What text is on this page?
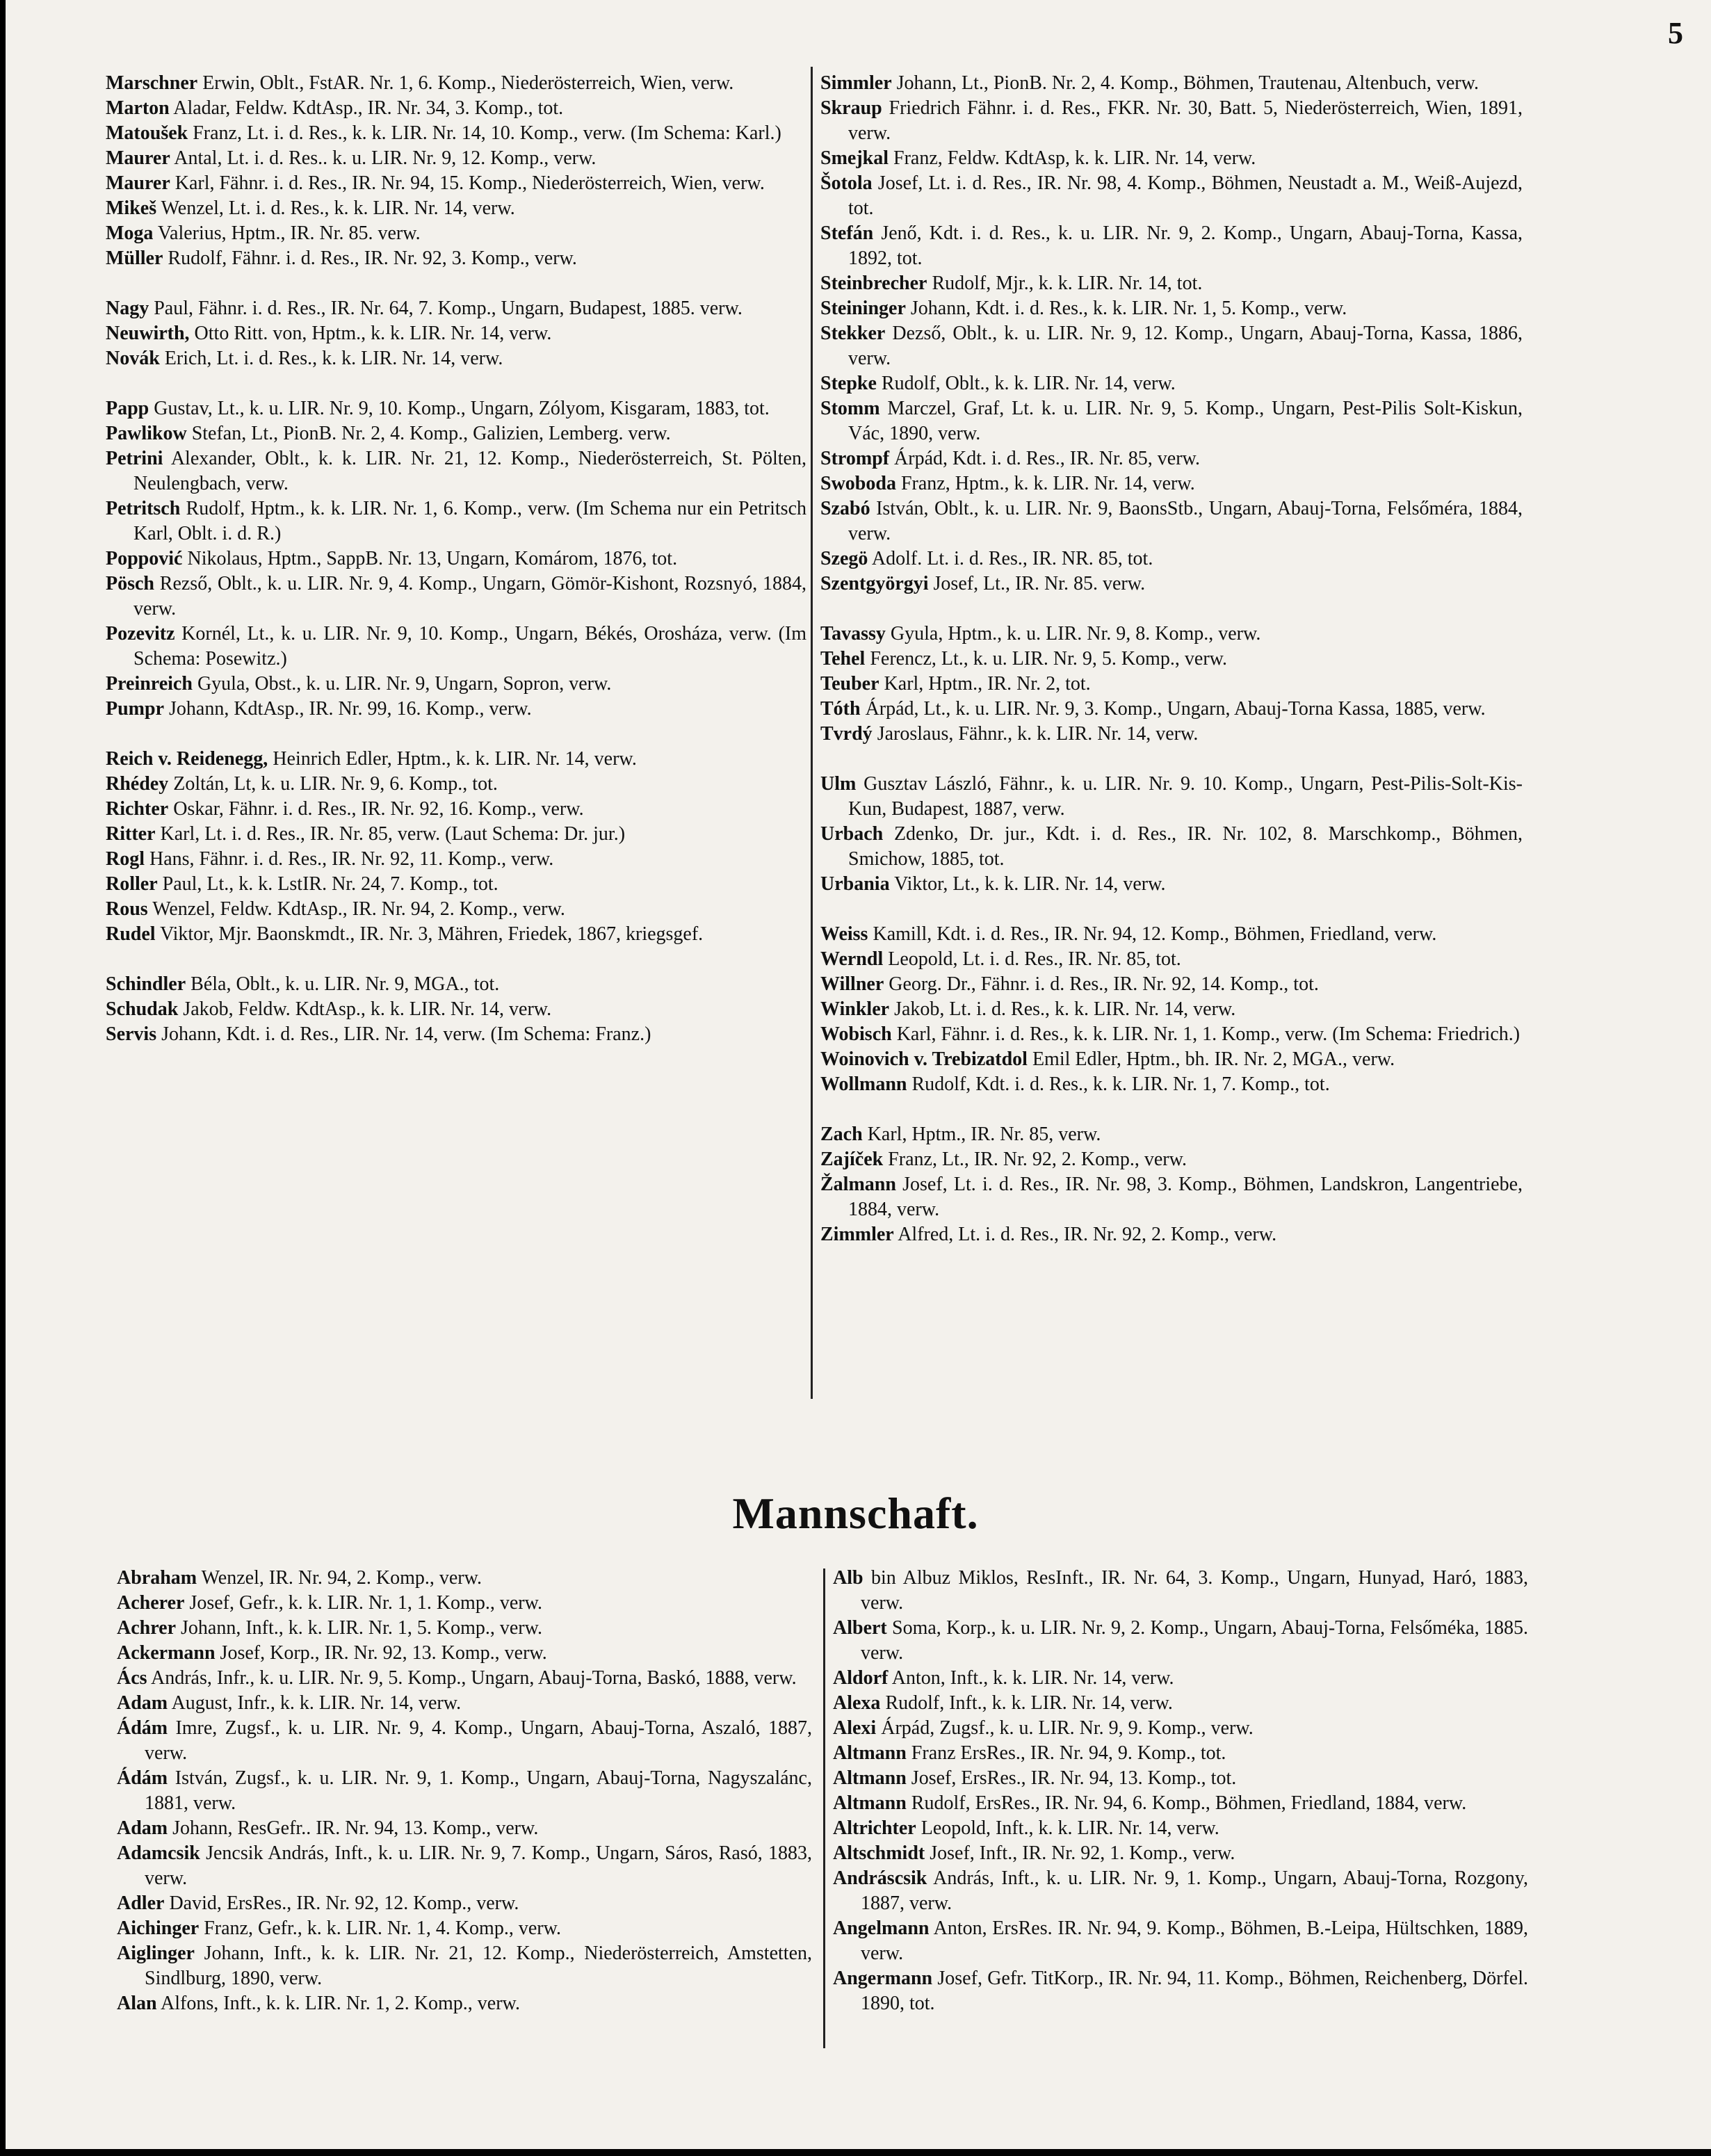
5

Marschner Erwin, Oblt., FstAR. Nr. 1, 6. Komp., Niederösterreich, Wien, verw.

Marton Aladar, Feldw. KdtAsp., IR. Nr. 34, 3. Komp., tot.

Matoušek Franz, Lt. i. d. Res., k. k. LIR. Nr. 14, 10. Komp., verw. (Im Schema: Karl.)

Maurer Antal, Lt. i. d. Res.. k. u. LIR. Nr. 9, 12. Komp., verw.

Maurer Karl, Fähnr. i. d. Res., IR. Nr. 94, 15. Komp., Niederösterreich, Wien, verw.

Mikeš Wenzel, Lt. i. d. Res., k. k. LIR. Nr. 14, verw.

Moga Valerius, Hptm., IR. Nr. 85. verw.

Müller Rudolf, Fähnr. i. d. Res., IR. Nr. 92, 3. Komp., verw.

Nagy Paul, Fähnr. i. d. Res., IR. Nr. 64, 7. Komp., Ungarn, Budapest, 1885. verw.

Neuwirth, Otto Ritt. von, Hptm., k. k. LIR. Nr. 14, verw.

Novák Erich, Lt. i. d. Res., k. k. LIR. Nr. 14, verw.

Papp Gustav, Lt., k. u. LIR. Nr. 9, 10. Komp., Ungarn, Zólyom, Kisgaram, 1883, tot.

Pawlikow Stefan, Lt., PionB. Nr. 2, 4. Komp., Galizien, Lemberg. verw.

Petrini Alexander, Oblt., k. k. LIR. Nr. 21, 12. Komp., Niederösterreich, St. Pölten, Neulengbach, verw.

Petritsch Rudolf, Hptm., k. k. LIR. Nr. 1, 6. Komp., verw. (Im Schema nur ein Petritsch Karl, Oblt. i. d. R.)

Poppović Nikolaus, Hptm., SappB. Nr. 13, Ungarn, Komárom, 1876, tot.

Pösch Rezső, Oblt., k. u. LIR. Nr. 9, 4. Komp., Ungarn, Gömör-Kishont, Rozsnyó, 1884, verw.

Pozevitz Kornél, Lt., k. u. LIR. Nr. 9, 10. Komp., Ungarn, Békés, Orosháza, verw. (Im Schema: Posewitz.)

Preinreich Gyula, Obst., k. u. LIR. Nr. 9, Ungarn, Sopron, verw.

Pumpr Johann, KdtAsp., IR. Nr. 99, 16. Komp., verw.

Reich v. Reidenegg, Heinrich Edler, Hptm., k. k. LIR. Nr. 14, verw.

Rhédey Zoltán, Lt, k. u. LIR. Nr. 9, 6. Komp., tot.

Richter Oskar, Fähnr. i. d. Res., IR. Nr. 92, 16. Komp., verw.

Ritter Karl, Lt. i. d. Res., IR. Nr. 85, verw. (Laut Schema: Dr. jur.)

Rogl Hans, Fähnr. i. d. Res., IR. Nr. 92, 11. Komp., verw.

Roller Paul, Lt., k. k. LstIR. Nr. 24, 7. Komp., tot.

Rous Wenzel, Feldw. KdtAsp., IR. Nr. 94, 2. Komp., verw.

Rudel Viktor, Mjr. Baonskmdt., IR. Nr. 3, Mähren, Friedek, 1867, kriegsgef.

Schindler Béla, Oblt., k. u. LIR. Nr. 9, MGA., tot.

Schudak Jakob, Feldw. KdtAsp., k. k. LIR. Nr. 14, verw.

Servis Johann, Kdt. i. d. Res., LIR. Nr. 14, verw. (Im Schema: Franz.)

Simmler Johann, Lt., PionB. Nr. 2, 4. Komp., Böhmen, Trautenau, Altenbuch, verw.

Skraup Friedrich Fähnr. i. d. Res., FKR. Nr. 30, Batt. 5, Niederösterreich, Wien, 1891, verw.

Smejkal Franz, Feldw. KdtAsp, k. k. LIR. Nr. 14, verw.

Šotola Josef, Lt. i. d. Res., IR. Nr. 98, 4. Komp., Böhmen, Neustadt a. M., Weiß-Aujezd, tot.

Stefán Jenő, Kdt. i. d. Res., k. u. LIR. Nr. 9, 2. Komp., Ungarn, Abauj-Torna, Kassa, 1892, tot.

Steinbrecher Rudolf, Mjr., k. k. LIR. Nr. 14, tot.

Steininger Johann, Kdt. i. d. Res., k. k. LIR. Nr. 1, 5. Komp., verw.

Stekker Dezső, Oblt., k. u. LIR. Nr. 9, 12. Komp., Ungarn, Abauj-Torna, Kassa, 1886, verw.

Stepke Rudolf, Oblt., k. k. LIR. Nr. 14, verw.

Stomm Marczel, Graf, Lt. k. u. LIR. Nr. 9, 5. Komp., Ungarn, Pest-Pilis Solt-Kiskun, Vác, 1890, verw.

Strompf Árpád, Kdt. i. d. Res., IR. Nr. 85, verw.

Swoboda Franz, Hptm., k. k. LIR. Nr. 14, verw.

Szabó István, Oblt., k. u. LIR. Nr. 9, BaonsStb., Ungarn, Abauj-Torna, Felsőméra, 1884, verw.

Szegö Adolf. Lt. i. d. Res., IR. NR. 85, tot.

Szentgyörgyi Josef, Lt., IR. Nr. 85. verw.

Tavassy Gyula, Hptm., k. u. LIR. Nr. 9, 8. Komp., verw.

Tehel Ferencz, Lt., k. u. LIR. Nr. 9, 5. Komp., verw.

Teuber Karl, Hptm., IR. Nr. 2, tot.

Tóth Árpád, Lt., k. u. LIR. Nr. 9, 3. Komp., Ungarn, Abauj-Torna Kassa, 1885, verw.

Tvrdý Jaroslaus, Fähnr., k. k. LIR. Nr. 14, verw.

Ulm Gusztav László, Fähnr., k. u. LIR. Nr. 9. 10. Komp., Ungarn, Pest-Pilis-Solt-Kis-Kun, Budapest, 1887, verw.

Urbach Zdenko, Dr. jur., Kdt. i. d. Res., IR. Nr. 102, 8. Marschkomp., Böhmen, Smichow, 1885, tot.

Urbania Viktor, Lt., k. k. LIR. Nr. 14, verw.

Weiss Kamill, Kdt. i. d. Res., IR. Nr. 94, 12. Komp., Böhmen, Friedland, verw.

Werndl Leopold, Lt. i. d. Res., IR. Nr. 85, tot.

Willner Georg. Dr., Fähnr. i. d. Res., IR. Nr. 92, 14. Komp., tot.

Winkler Jakob, Lt. i. d. Res., k. k. LIR. Nr. 14, verw.

Wobisch Karl, Fähnr. i. d. Res., k. k. LIR. Nr. 1, 1. Komp., verw. (Im Schema: Friedrich.)

Woinovich v. Trebizatdol Emil Edler, Hptm., bh. IR. Nr. 2, MGA., verw.

Wollmann Rudolf, Kdt. i. d. Res., k. k. LIR. Nr. 1, 7. Komp., tot.

Zach Karl, Hptm., IR. Nr. 85, verw.

Zajíček Franz, Lt., IR. Nr. 92, 2. Komp., verw.

Žalmann Josef, Lt. i. d. Res., IR. Nr. 98, 3. Komp., Böhmen, Landskron, Langentriebe, 1884, verw.

Zimmler Alfred, Lt. i. d. Res., IR. Nr. 92, 2. Komp., verw.

Mannschaft.

Abraham Wenzel, IR. Nr. 94, 2. Komp., verw.

Acherer Josef, Gefr., k. k. LIR. Nr. 1, 1. Komp., verw.

Achrer Johann, Inft., k. k. LIR. Nr. 1, 5. Komp., verw.

Ackermann Josef, Korp., IR. Nr. 92, 13. Komp., verw.

Ács András, Infr., k. u. LIR. Nr. 9, 5. Komp., Ungarn, Abauj-Torna, Baskó, 1888, verw.

Adam August, Infr., k. k. LIR. Nr. 14, verw.

Ádám Imre, Zugsf., k. u. LIR. Nr. 9, 4. Komp., Ungarn, Abauj-Torna, Aszaló, 1887, verw.

Ádám István, Zugsf., k. u. LIR. Nr. 9, 1. Komp., Ungarn, Abauj-Torna, Nagyszalánc, 1881, verw.

Adam Johann, ResGefr.. IR. Nr. 94, 13. Komp., verw.

Adamcsik Jencsik András, Inft., k. u. LIR. Nr. 9, 7. Komp., Ungarn, Sáros, Rasó, 1883, verw.

Adler David, ErsRes., IR. Nr. 92, 12. Komp., verw.

Aichinger Franz, Gefr., k. k. LIR. Nr. 1, 4. Komp., verw.

Aiglinger Johann, Inft., k. k. LIR. Nr. 21, 12. Komp., Niederösterreich, Amstetten, Sindlburg, 1890, verw.

Alan Alfons, Inft., k. k. LIR. Nr. 1, 2. Komp., verw.

Alb bin Albuz Miklos, ResInft., IR. Nr. 64, 3. Komp., Ungarn, Hunyad, Haró, 1883, verw.

Albert Soma, Korp., k. u. LIR. Nr. 9, 2. Komp., Ungarn, Abauj-Torna, Felsőméka, 1885. verw.

Aldorf Anton, Inft., k. k. LIR. Nr. 14, verw.

Alexa Rudolf, Inft., k. k. LIR. Nr. 14, verw.

Alexi Árpád, Zugsf., k. u. LIR. Nr. 9, 9. Komp., verw.

Altmann Franz ErsRes., IR. Nr. 94, 9. Komp., tot.

Altmann Josef, ErsRes., IR. Nr. 94, 13. Komp., tot.

Altmann Rudolf, ErsRes., IR. Nr. 94, 6. Komp., Böhmen, Friedland, 1884, verw.

Altrichter Leopold, Inft., k. k. LIR. Nr. 14, verw.

Altschmidt Josef, Inft., IR. Nr. 92, 1. Komp., verw.

Andráscsik András, Inft., k. u. LIR. Nr. 9, 1. Komp., Ungarn, Abauj-Torna, Rozgony, 1887, verw.

Angelmann Anton, ErsRes. IR. Nr. 94, 9. Komp., Böhmen, B.-Leipa, Hültschken, 1889, verw.

Angermann Josef, Gefr. TitKorp., IR. Nr. 94, 11. Komp., Böhmen, Reichenberg, Dörfel. 1890, tot.
